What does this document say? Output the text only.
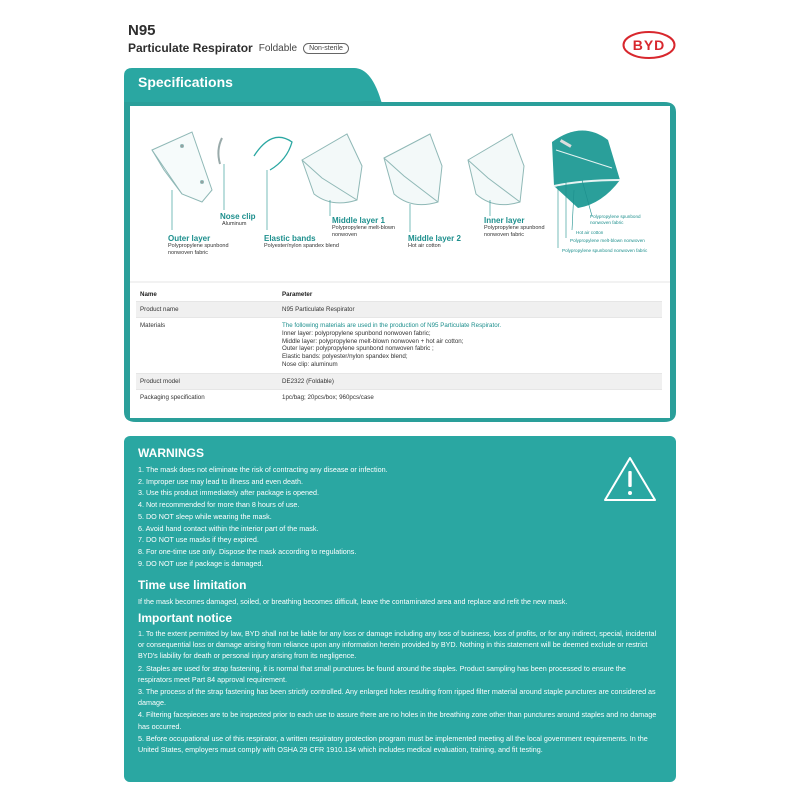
N95
Particulate Respirator Foldable	Non-sterile	BYD
Specifications
Outer layer
Polypropylene spunbond nonwoven fabric
Nose clip
Aluminum
Elastic bands
Polyester/nylon spandex blend
Middle layer 1
Polypropylene melt-blown nonwoven	Middle layer 2
Hot air cotton
Inner layer
Polypropylene spunbond nonwoven fabric
Polypropylene spunbond nonwoven fabric
Hot air cotton
Polypropylene melt-blown nonwoven
Polypropylene spunbond nonwoven fabric
Name	Parameter
Product name	N95 Particulate Respirator
Materials	The following materials are used in the production of N95 Particulate Respirator.
Inner layer: polypropylene spunbond nonwoven fabric;
Middle layer: polypropylene melt-blown nonwoven + hot air cotton;
Outer layer: polypropylene spunbond nonwoven fabric ;
Elastic bands: polyester/nylon spandex blend;
Nose clip: aluminum
Product model	DE2322 (Foldable)
Packaging specification	1pc/bag; 20pcs/box; 960pcs/case
WARNINGS
1. The mask does not eliminate the risk of contracting any disease or infection.
2. Improper use may lead to illness and even death.
3. Use this product immediately after package is opened.
4. Not recommended for more than 8 hours of use.
5. DO NOT sleep while wearing the mask.
6. Avoid hand contact within the interior part of the mask.
7. DO NOT use masks if they expired.
8. For one-time use only. Dispose the mask according to regulations.
9. DO NOT use if package is damaged.
Time use limitation
If the mask becomes damaged, soiled, or breathing becomes difficult, leave the contaminated area and replace and refit the new mask.
Important notice
1. To the extent permitted by law, BYD shall not be liable for any loss or damage including any loss of business, loss of profits, or for any indirect, special, incidental or consequential loss or damage arising from reliance upon any information herein provided by BYD. Nothing in this statement will be deemed exclude or restrict BYD's liability for death or personal injury arising from its negligence.
2. Staples are used for strap fastening, it is normal that small punctures be found around the staples. Product sampling has been processed to ensure the respirators meet Part 84 approval requirement.
3. The process of the strap fastening has been strictly controlled. Any enlarged holes resulting from ripped filter material around staple punctures are considered as damage.
4. Filtering facepieces are to be inspected prior to each use to assure there are no holes in the breathing zone other than punctures around staples and no damage has occurred.
5. Before occupational use of this respirator, a written respiratory protection program must be implemented meeting all the local government requirements. In the United States, employers must comply with OSHA 29 CFR 1910.134 which includes medical evaluation, training, and fit testing.
